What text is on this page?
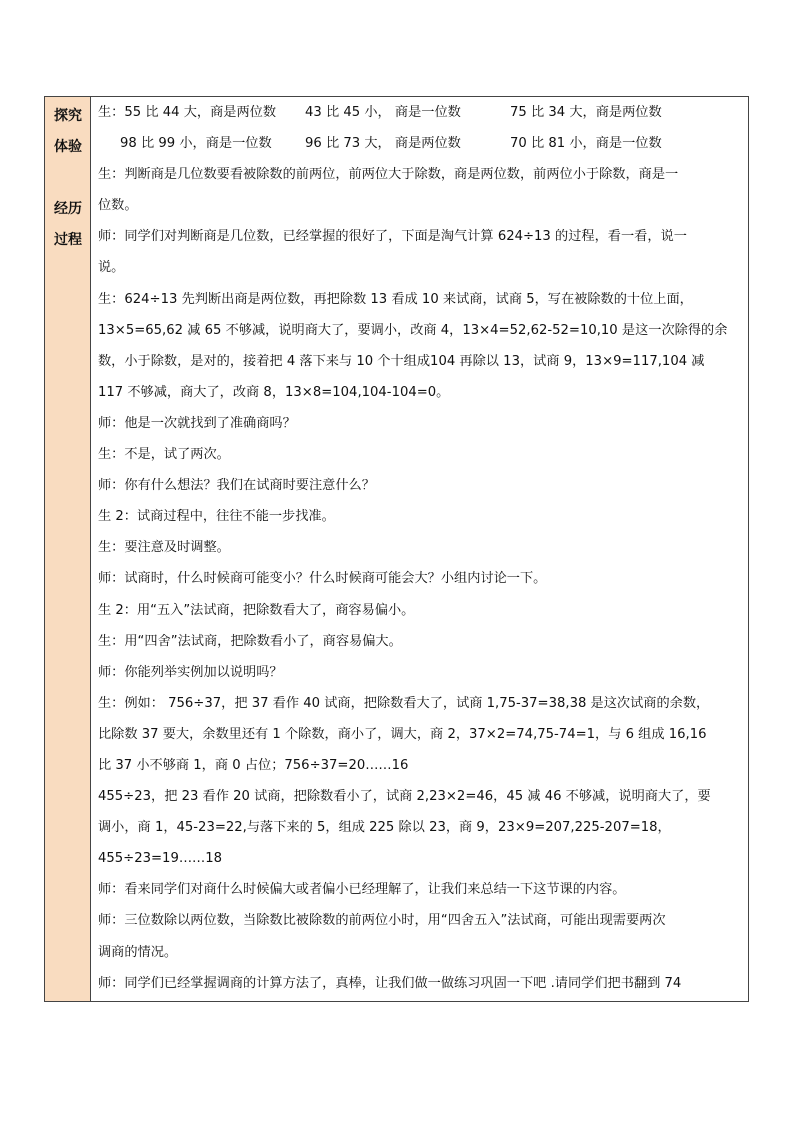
探究
体验
经历
过程
生：55 比 44 大，商是两位数 43 比 45 小， 商是一位数	75 比 34 大，商是两位数
98 比 99 小，商是一位数	96 比 73 大， 商是两位数	70 比 81 小，商是一位数
生：判断商是几位数要看被除数的前两位，前两位大于除数，商是两位数，前两位小于除数，商是一
位数。
师：同学们对判断商是几位数，已经掌握的很好了，下面是淘气计算 624÷13 的过程，看一看，说一
说。
生：624÷13 先判断出商是两位数，再把除数 13 看成 10 来试商，试商 5，写在被除数的十位上面，
13×5=65,62 减 65 不够减，说明商大了，要调小，改商 4，13×4=52,62-52=10,10 是这一次除得的余
数，小于除数，是对的，接着把 4 落下来与 10 个十组成104 再除以 13，试商 9，13×9=117,104 减
117 不够减，商大了，改商 8，13×8=104,104-104=0。
师：他是一次就找到了准确商吗？
生：不是，试了两次。
师：你有什么想法？我们在试商时要注意什么？
生 2：试商过程中，往往不能一步找准。
生：要注意及时调整。
师：试商时，什么时候商可能变小？什么时候商可能会大？小组内讨论一下。
生 2：用“五入”法试商，把除数看大了，商容易偏小。
生：用“四舍”法试商，把除数看小了，商容易偏大。
师：你能列举实例加以说明吗？
生：例如： 756÷37，把 37 看作 40 试商，把除数看大了，试商 1,75-37=38,38 是这次试商的余数，
比除数 37 要大，余数里还有 1 个除数，商小了，调大，商 2，37×2=74,75-74=1，与 6 组成 16,16
比 37 小不够商 1，商 0 占位；756÷37=20……16
455÷23，把 23 看作 20 试商，把除数看小了，试商 2,23×2=46，45 减 46 不够减，说明商大了，要
调小，商 1，45-23=22,与落下来的 5，组成 225 除以 23，商 9，23×9=207,225-207=18，
455÷23=19……18
师：看来同学们对商什么时候偏大或者偏小已经理解了，让我们来总结一下这节课的内容。
师：三位数除以两位数，当除数比被除数的前两位小时，用“四舍五入”法试商，可能出现需要两次
调商的情况。
师：同学们已经掌握调商的计算方法了，真棒，让我们做一做练习巩固一下吧 .请同学们把书翻到 74
